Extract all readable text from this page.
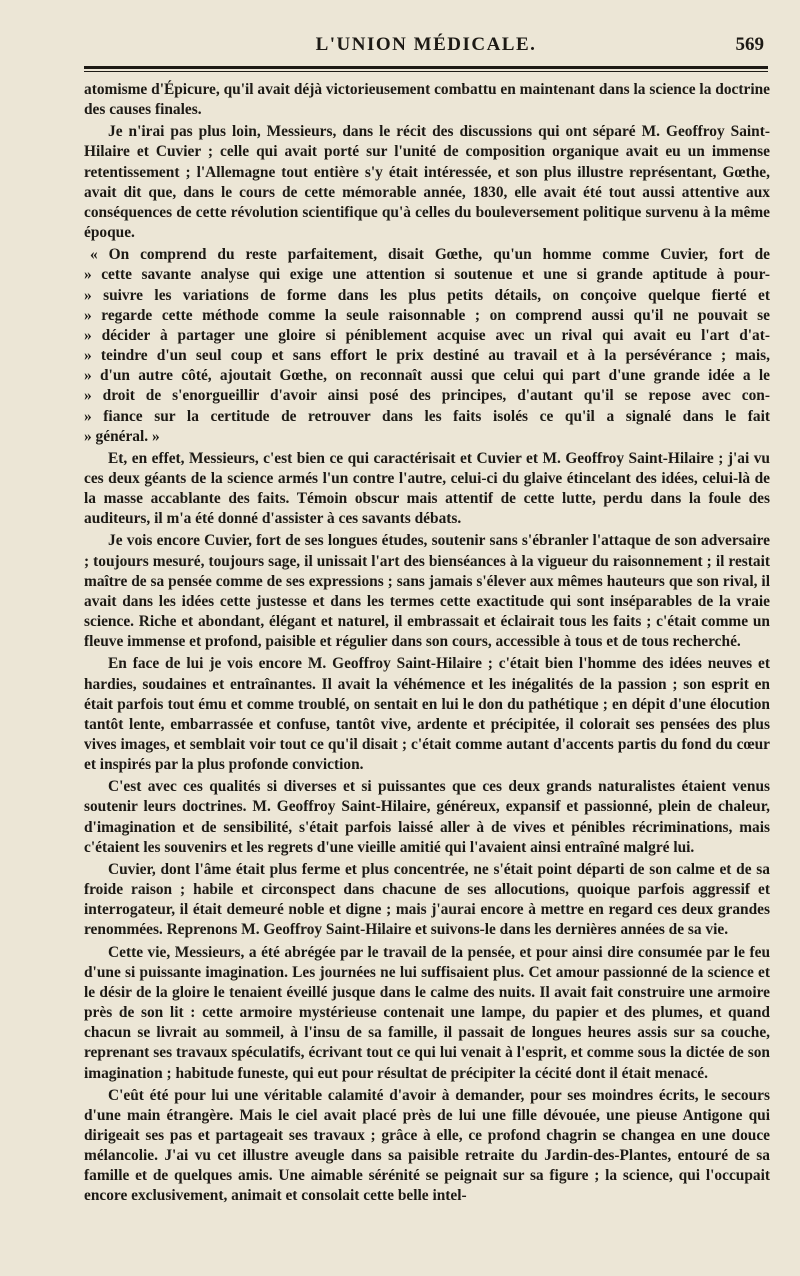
L'UNION MÉDICALE.	569

atomisme d'Épicure, qu'il avait déjà victorieusement combattu en maintenant dans la science la doctrine des causes finales.

Je n'irai pas plus loin, Messieurs, dans le récit des discussions qui ont séparé M. Geoffroy Saint-Hilaire et Cuvier ; celle qui avait porté sur l'unité de composition organique avait eu un immense retentissement ; l'Allemagne tout entière s'y était intéressée, et son plus illustre représentant, Gœthe, avait dit que, dans le cours de cette mémorable année, 1830, elle avait été tout aussi attentive aux conséquences de cette révolution scientifique qu'à celles du bouleversement politique survenu à la même époque.

« On comprend du reste parfaitement, disait Gœthe, qu'un homme comme Cuvier, fort de
» cette savante analyse qui exige une attention si soutenue et une si grande aptitude à pour-
» suivre les variations de forme dans les plus petits détails, on conçoive quelque fierté et
» regarde cette méthode comme la seule raisonnable ; on comprend aussi qu'il ne pouvait se
» décider à partager une gloire si péniblement acquise avec un rival qui avait eu l'art d'at-
» teindre d'un seul coup et sans effort le prix destiné au travail et à la persévérance ; mais,
» d'un autre côté, ajoutait Gœthe, on reconnaît aussi que celui qui part d'une grande idée a le
» droit de s'enorgueillir d'avoir ainsi posé des principes, d'autant qu'il se repose avec con-
» fiance sur la certitude de retrouver dans les faits isolés ce qu'il a signalé dans le fait
» général. »

Et, en effet, Messieurs, c'est bien ce qui caractérisait et Cuvier et M. Geoffroy Saint-Hilaire ; j'ai vu ces deux géants de la science armés l'un contre l'autre, celui-ci du glaive étincelant des idées, celui-là de la masse accablante des faits. Témoin obscur mais attentif de cette lutte, perdu dans la foule des auditeurs, il m'a été donné d'assister à ces savants débats.

Je vois encore Cuvier, fort de ses longues études, soutenir sans s'ébranler l'attaque de son adversaire ; toujours mesuré, toujours sage, il unissait l'art des bienséances à la vigueur du raisonnement ; il restait maître de sa pensée comme de ses expressions ; sans jamais s'élever aux mêmes hauteurs que son rival, il avait dans les idées cette justesse et dans les termes cette exactitude qui sont inséparables de la vraie science. Riche et abondant, élégant et naturel, il embrassait et éclairait tous les faits ; c'était comme un fleuve immense et profond, paisible et régulier dans son cours, accessible à tous et de tous recherché.

En face de lui je vois encore M. Geoffroy Saint-Hilaire ; c'était bien l'homme des idées neuves et hardies, soudaines et entraînantes. Il avait la véhémence et les inégalités de la passion ; son esprit en était parfois tout ému et comme troublé, on sentait en lui le don du pathétique ; en dépit d'une élocution tantôt lente, embarrassée et confuse, tantôt vive, ardente et précipitée, il colorait ses pensées des plus vives images, et semblait voir tout ce qu'il disait ; c'était comme autant d'accents partis du fond du cœur et inspirés par la plus profonde conviction.

C'est avec ces qualités si diverses et si puissantes que ces deux grands naturalistes étaient venus soutenir leurs doctrines. M. Geoffroy Saint-Hilaire, généreux, expansif et passionné, plein de chaleur, d'imagination et de sensibilité, s'était parfois laissé aller à de vives et pénibles récriminations, mais c'étaient les souvenirs et les regrets d'une vieille amitié qui l'avaient ainsi entraîné malgré lui.

Cuvier, dont l'âme était plus ferme et plus concentrée, ne s'était point départi de son calme et de sa froide raison ; habile et circonspect dans chacune de ses allocutions, quoique parfois aggressif et interrogateur, il était demeuré noble et digne ; mais j'aurai encore à mettre en regard ces deux grandes renommées. Reprenons M. Geoffroy Saint-Hilaire et suivons-le dans les dernières années de sa vie.

Cette vie, Messieurs, a été abrégée par le travail de la pensée, et pour ainsi dire consumée par le feu d'une si puissante imagination. Les journées ne lui suffisaient plus. Cet amour passionné de la science et le désir de la gloire le tenaient éveillé jusque dans le calme des nuits. Il avait fait construire une armoire près de son lit : cette armoire mystérieuse contenait une lampe, du papier et des plumes, et quand chacun se livrait au sommeil, à l'insu de sa famille, il passait de longues heures assis sur sa couche, reprenant ses travaux spéculatifs, écrivant tout ce qui lui venait à l'esprit, et comme sous la dictée de son imagination ; habitude funeste, qui eut pour résultat de précipiter la cécité dont il était menacé.

C'eût été pour lui une véritable calamité d'avoir à demander, pour ses moindres écrits, le secours d'une main étrangère. Mais le ciel avait placé près de lui une fille dévouée, une pieuse Antigone qui dirigeait ses pas et partageait ses travaux ; grâce à elle, ce profond chagrin se changea en une douce mélancolie. J'ai vu cet illustre aveugle dans sa paisible retraite du Jardin-des-Plantes, entouré de sa famille et de quelques amis. Une aimable sérénité se peignait sur sa figure ; la science, qui l'occupait encore exclusivement, animait et consolait cette belle intel-
